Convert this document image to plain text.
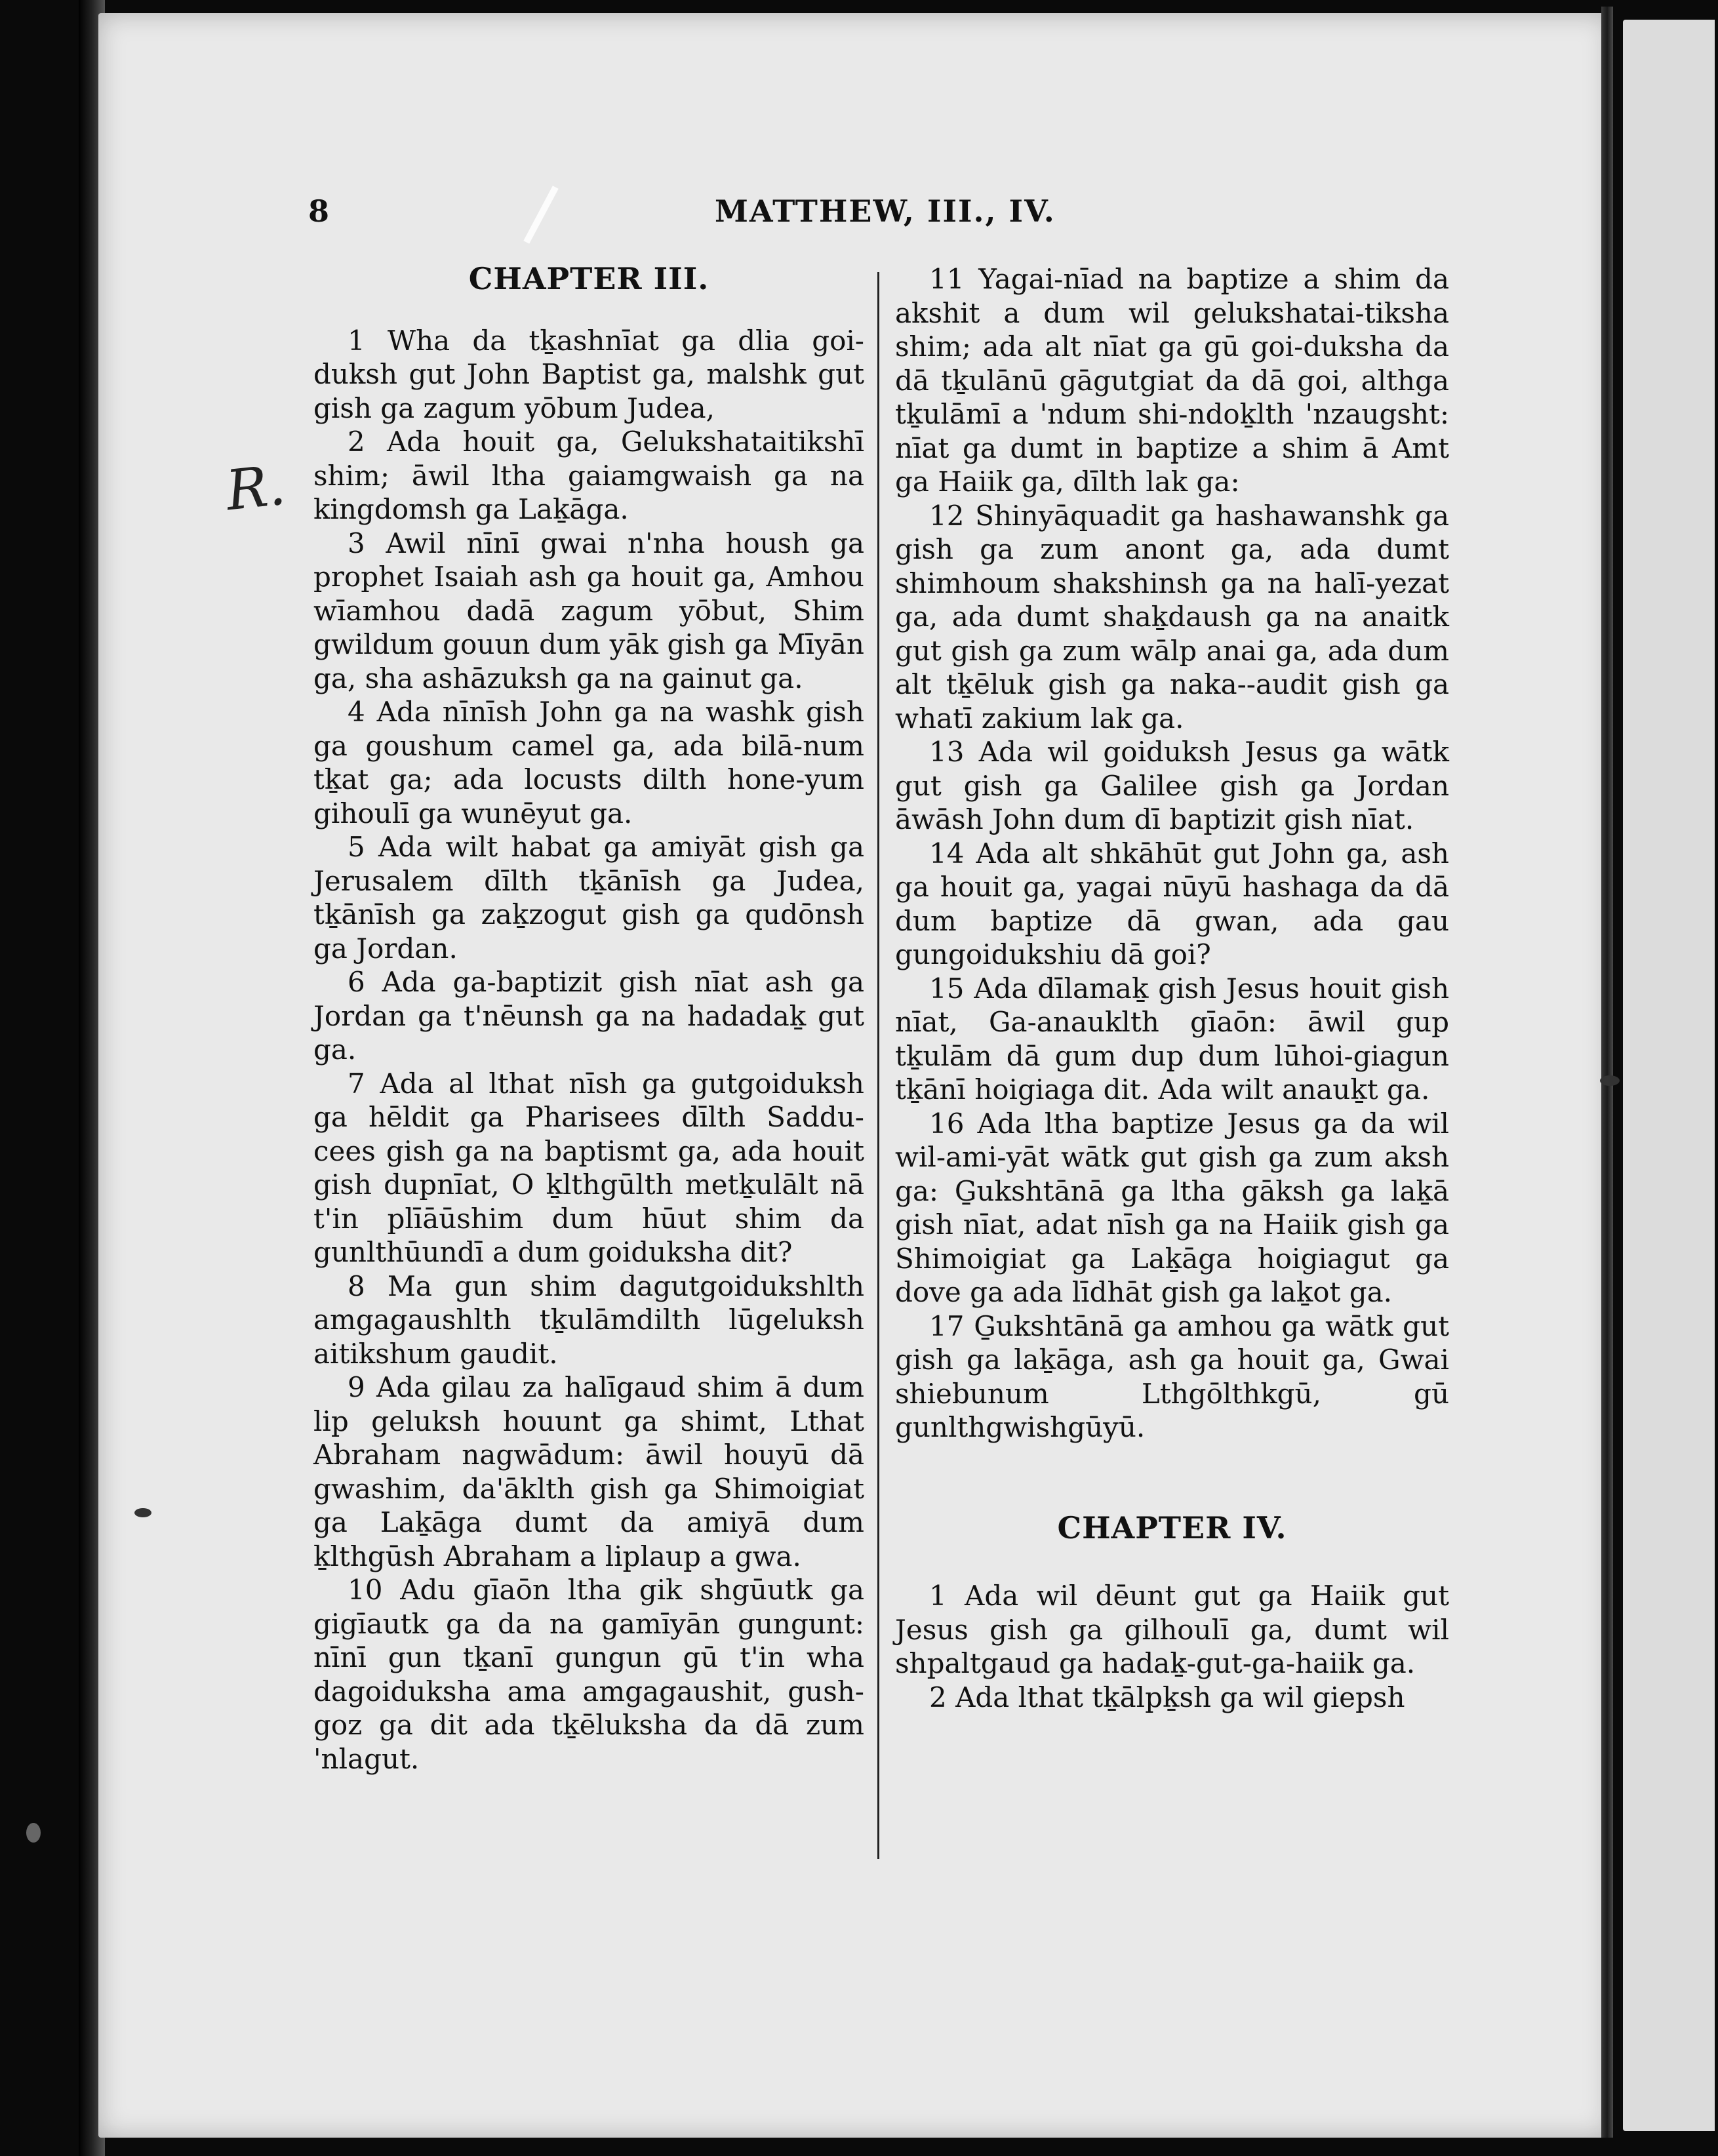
R.
8	MATTHEW, III., IV.
CHAPTER III.

1 Wha da tḵashnīat ga dlia goi-duksh gut John Baptist ga, malshk gut gish ga zagum yōbum Judea,

2 Ada houit ga, Gelukshataitikshī shim; āwil ltha gaiamgwaish ga na kingdomsh ga Laḵāga.

3 Awil nīnī gwai n'nha housh ga prophet Isaiah ash ga houit ga, Amhou wīamhou dadā zagum yōbut, Shim gwildum gouun dum yāk gish ga Mīyān ga, sha ashāzuksh ga na gainut ga.

4 Ada nīnīsh John ga na washk gish ga goushum camel ga, ada bilā-num tḵat ga; ada locusts dilth hone-yum gihoulī ga wunēyut ga.

5 Ada wilt habat ga amiyāt gish ga Jerusalem dīlth tḵānīsh ga Judea, tḵānīsh ga zaḵzogut gish ga qudōnsh ga Jordan.

6 Ada ga-baptizit gish nīat ash ga Jordan ga t'nēunsh ga na hadadaḵ gut ga.

7 Ada al lthat nīsh ga gutgoiduksh ga hēldit ga Pharisees dīlth Saddu-cees gish ga na baptismt ga, ada houit gish dupnīat, O ḵlthgūlth metḵulālt nā t'in plīāūshim dum hūut shim da gunlthūundī a dum goiduksha dit?

8 Ma gun shim dagutgoidukshlth amgagaushlth tḵulāmdilth lūgeluksh aitikshum gaudit.

9 Ada gilau za halīgaud shim ā dum lip geluksh houunt ga shimt, Lthat Abraham nagwādum: āwil houyū dā gwashim, da'āklth gish ga Shimoigiat ga Laḵāga dumt da amiyā dum ḵlthgūsh Abraham a liplaup a gwa.

10 Adu gīaōn ltha gik shgūutk ga gigīautk ga da na gamīyān gungunt: nīnī gun tḵanī gungun gū t'in wha dagoiduksha ama amgagaushit, gush-goz ga dit ada tḵēluksha da dā zum 'nlagut.

11 Yagai-nīad na baptize a shim da akshit a dum wil gelukshatai-tiksha shim; ada alt nīat ga gū goi-duksha da dā tḵulānū gāgutgiat da dā goi, althga tḵulāmī a 'ndum shi-ndoḵlth 'nzaugsht: nīat ga dumt in baptize a shim ā Amt ga Haiik ga, dīlth lak ga:

12 Shinyāquadit ga hashawanshk ga gish ga zum anont ga, ada dumt shimhoum shakshinsh ga na halī-yezat ga, ada dumt shaḵdaush ga na anaitk gut gish ga zum wālp anai ga, ada dum alt tḵēluk gish ga naka--audit gish ga whatī zakium lak ga.

13 Ada wil goiduksh Jesus ga wātk gut gish ga Galilee gish ga Jordan āwāsh John dum dī baptizit gish nīat.

14 Ada alt shkāhūt gut John ga, ash ga houit ga, yagai nūyū hashaga da dā dum baptize dā gwan, ada gau gungoidukshiu dā goi?

15 Ada dīlamaḵ gish Jesus houit gish nīat, Ga-anauklth gīaōn: āwil gup tḵulām dā gum dup dum lūhoi-giagun tḵānī hoigiaga dit. Ada wilt anauḵt ga.

16 Ada ltha baptize Jesus ga da wil wil-ami-yāt wātk gut gish ga zum aksh ga: G̱ukshtānā ga ltha gāksh ga laḵā gish nīat, adat nīsh ga na Haiik gish ga Shimoigiat ga Laḵāga hoigiagut ga dove ga ada līdhāt gish ga laḵot ga.

17 G̱ukshtānā ga amhou ga wātk gut gish ga laḵāga, ash ga houit ga, Gwai shiebunum Lthgōlthkgū, gū gunlthgwishgūyū.

CHAPTER IV.

1 Ada wil dēunt gut ga Haiik gut Jesus gish ga gilhoulī ga, dumt wil shpaltgaud ga hadaḵ-gut-ga-haiik ga.

2 Ada lthat tḵālpḵsh ga wil giepsh
